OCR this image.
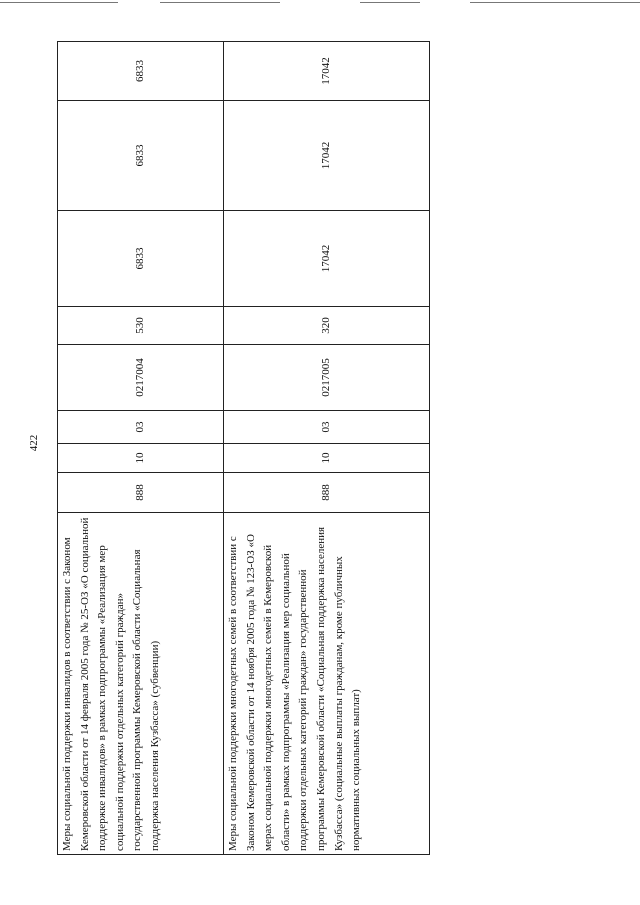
422
Меры социальной поддержки инвалидов в соответствии с Законом Кемеровской области от 14 февраля 2005 года № 25-ОЗ «О социальной поддержке инвалидов» в рамках подпрограммы «Реализация мер социальной поддержки отдельных категорий граждан» государственной программы Кемеровской области «Социальная поддержка населения Кузбасса» (субвенции)	888	10	03	0217004	530	6833	6833	6833
Меры социальной поддержки многодетных семей в соответствии с Законом Кемеровской области от 14 ноября 2005 года № 123-ОЗ «О мерах социальной поддержки многодетных семей в Кемеровской области» в рамках подпрограммы «Реализация мер социальной поддержки отдельных категорий граждан» государственной программы Кемеровской области «Социальная поддержка населения Кузбасса» (социальные выплаты гражданам, кроме публичных нормативных социальных выплат)	888	10	03	0217005	320	17042	17042	17042
